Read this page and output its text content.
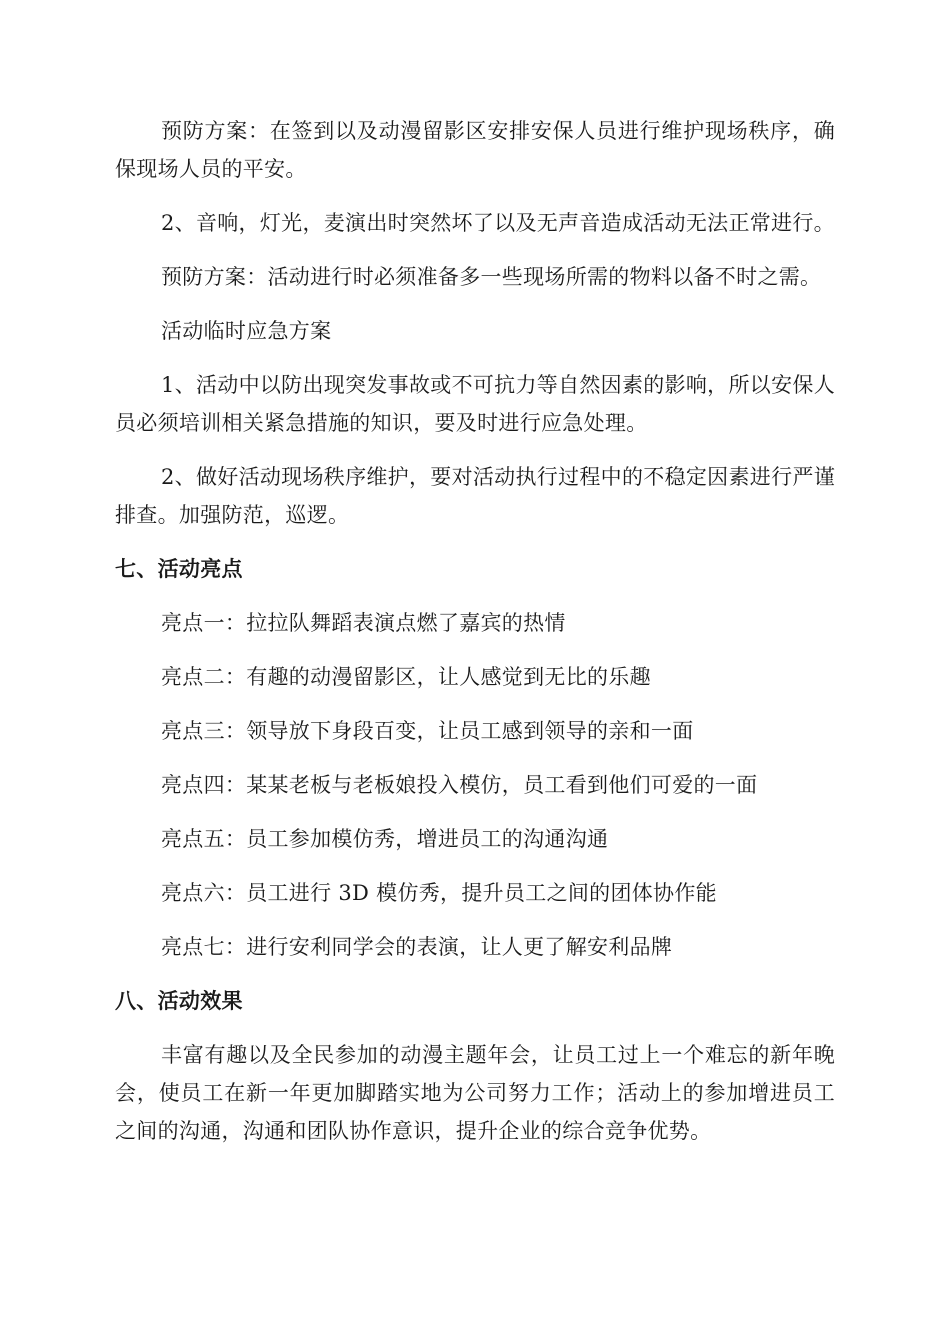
预防方案：在签到以及动漫留影区安排安保人员进行维护现场秩序，确保现场人员的平安。

2、音响，灯光，麦演出时突然坏了以及无声音造成活动无法正常进行。

预防方案：活动进行时必须准备多一些现场所需的物料以备不时之需。

活动临时应急方案

1、活动中以防出现突发事故或不可抗力等自然因素的影响，所以安保人员必须培训相关紧急措施的知识，要及时进行应急处理。

2、做好活动现场秩序维护，要对活动执行过程中的不稳定因素进行严谨排查。加强防范，巡逻。

七、活动亮点

亮点一：拉拉队舞蹈表演点燃了嘉宾的热情

亮点二：有趣的动漫留影区，让人感觉到无比的乐趣

亮点三：领导放下身段百变，让员工感到领导的亲和一面

亮点四：某某老板与老板娘投入模仿，员工看到他们可爱的一面

亮点五：员工参加模仿秀，增进员工的沟通沟通

亮点六：员工进行 3D 模仿秀，提升员工之间的团体协作能

亮点七：进行安利同学会的表演，让人更了解安利品牌

八、活动效果

丰富有趣以及全民参加的动漫主题年会，让员工过上一个难忘的新年晚会，使员工在新一年更加脚踏实地为公司努力工作；活动上的参加增进员工之间的沟通，沟通和团队协作意识，提升企业的综合竞争优势。
